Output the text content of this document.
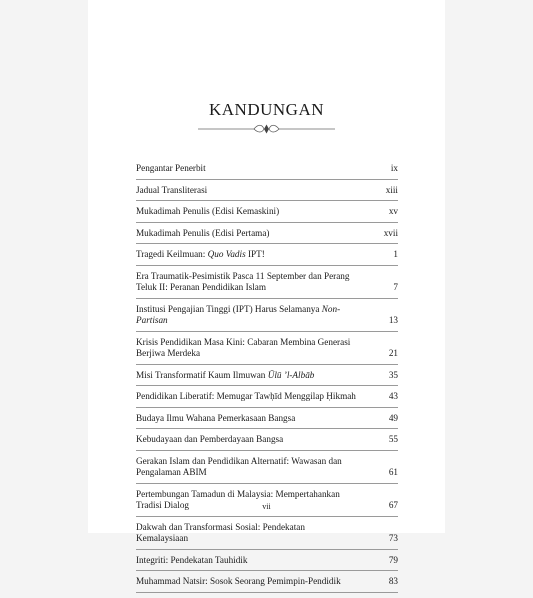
KANDUNGAN
Pengantar Penerbit	ix
Jadual Transliterasi	xiii
Mukadimah Penulis (Edisi Kemaskini)	xv
Mukadimah Penulis (Edisi Pertama)	xvii
Tragedi Keilmuan: Quo Vadis IPT!	1
Era Traumatik-Pesimistik Pasca 11 September dan Perang Teluk II: Peranan Pendidikan Islam	7
Institusi Pengajian Tinggi (IPT) Harus Selamanya Non-Partisan	13
Krisis Pendidikan Masa Kini: Cabaran Membina Generasi Berjiwa Merdeka	21
Misi Transformatif Kaum Ilmuwan Ūlū ’l-Albāb	35
Pendidikan Liberatif: Memugar Tawḥīd Menggilap Ḥikmah	43
Budaya Ilmu Wahana Pemerkasaan Bangsa	49
Kebudayaan dan Pemberdayaan Bangsa	55
Gerakan Islam dan Pendidikan Alternatif: Wawasan dan Pengalaman ABIM	61
Pertembungan Tamadun di Malaysia: Mempertahankan Tradisi Dialog	67
Dakwah dan Transformasi Sosial: Pendekatan Kemalaysiaan	73
Integriti: Pendekatan Tauhidik	79
Muhammad Natsir: Sosok Seorang Pemimpin-Pendidik	83
vii
